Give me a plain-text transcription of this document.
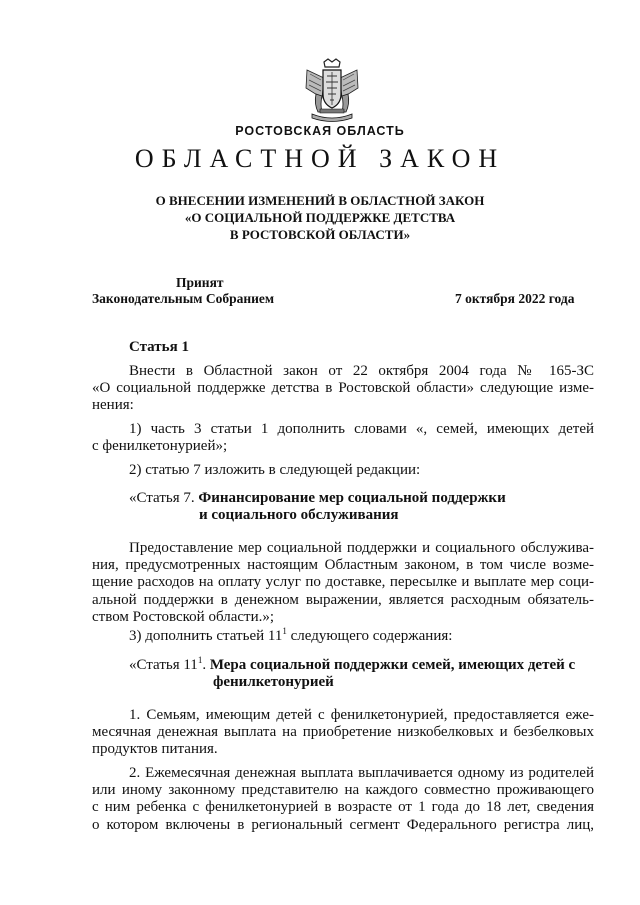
РОСТОВСКАЯ ОБЛАСТЬ
ОБЛАСТНОЙ ЗАКОН
О ВНЕСЕНИИ ИЗМЕНЕНИЙ В ОБЛАСТНОЙ ЗАКОН
«О СОЦИАЛЬНОЙ ПОДДЕРЖКЕ ДЕТСТВА
В РОСТОВСКОЙ ОБЛАСТИ»
Принят
Законодательным Собранием	7 октября 2022 года
Статья 1
Внести в Областной закон от 22 октября 2004 года № 165-ЗС
«О социальной поддержке детства в Ростовской области» следующие изме-
нения:
1) часть 3 статьи 1 дополнить словами «, семей, имеющих детей
с фенилкетонурией»;
2) статью 7 изложить в следующей редакции:
«Статья 7. Финансирование мер социальной поддержки
и социального обслуживания
Предоставление мер социальной поддержки и социального обслужива-
ния, предусмотренных настоящим Областным законом, в том числе возме-
щение расходов на оплату услуг по доставке, пересылке и выплате мер соци-
альной поддержки в денежном выражении, является расходным обязатель-
ством Ростовской области.»;
3) дополнить статьей $11^1$ следующего содержания:
«Статья $11^1$. Мера социальной поддержки семей, имеющих детей с
фенилкетонурией
1. Семьям, имеющим детей с фенилкетонурией, предоставляется еже-
месячная денежная выплата на приобретение низкобелковых и безбелковых
продуктов питания.
2. Ежемесячная денежная выплата выплачивается одному из родителей
или иному законному представителю на каждого совместно проживающего
с ним ребенка с фенилкетонурией в возрасте от 1 года до 18 лет, сведения
о котором включены в региональный сегмент Федерального регистра лиц,
